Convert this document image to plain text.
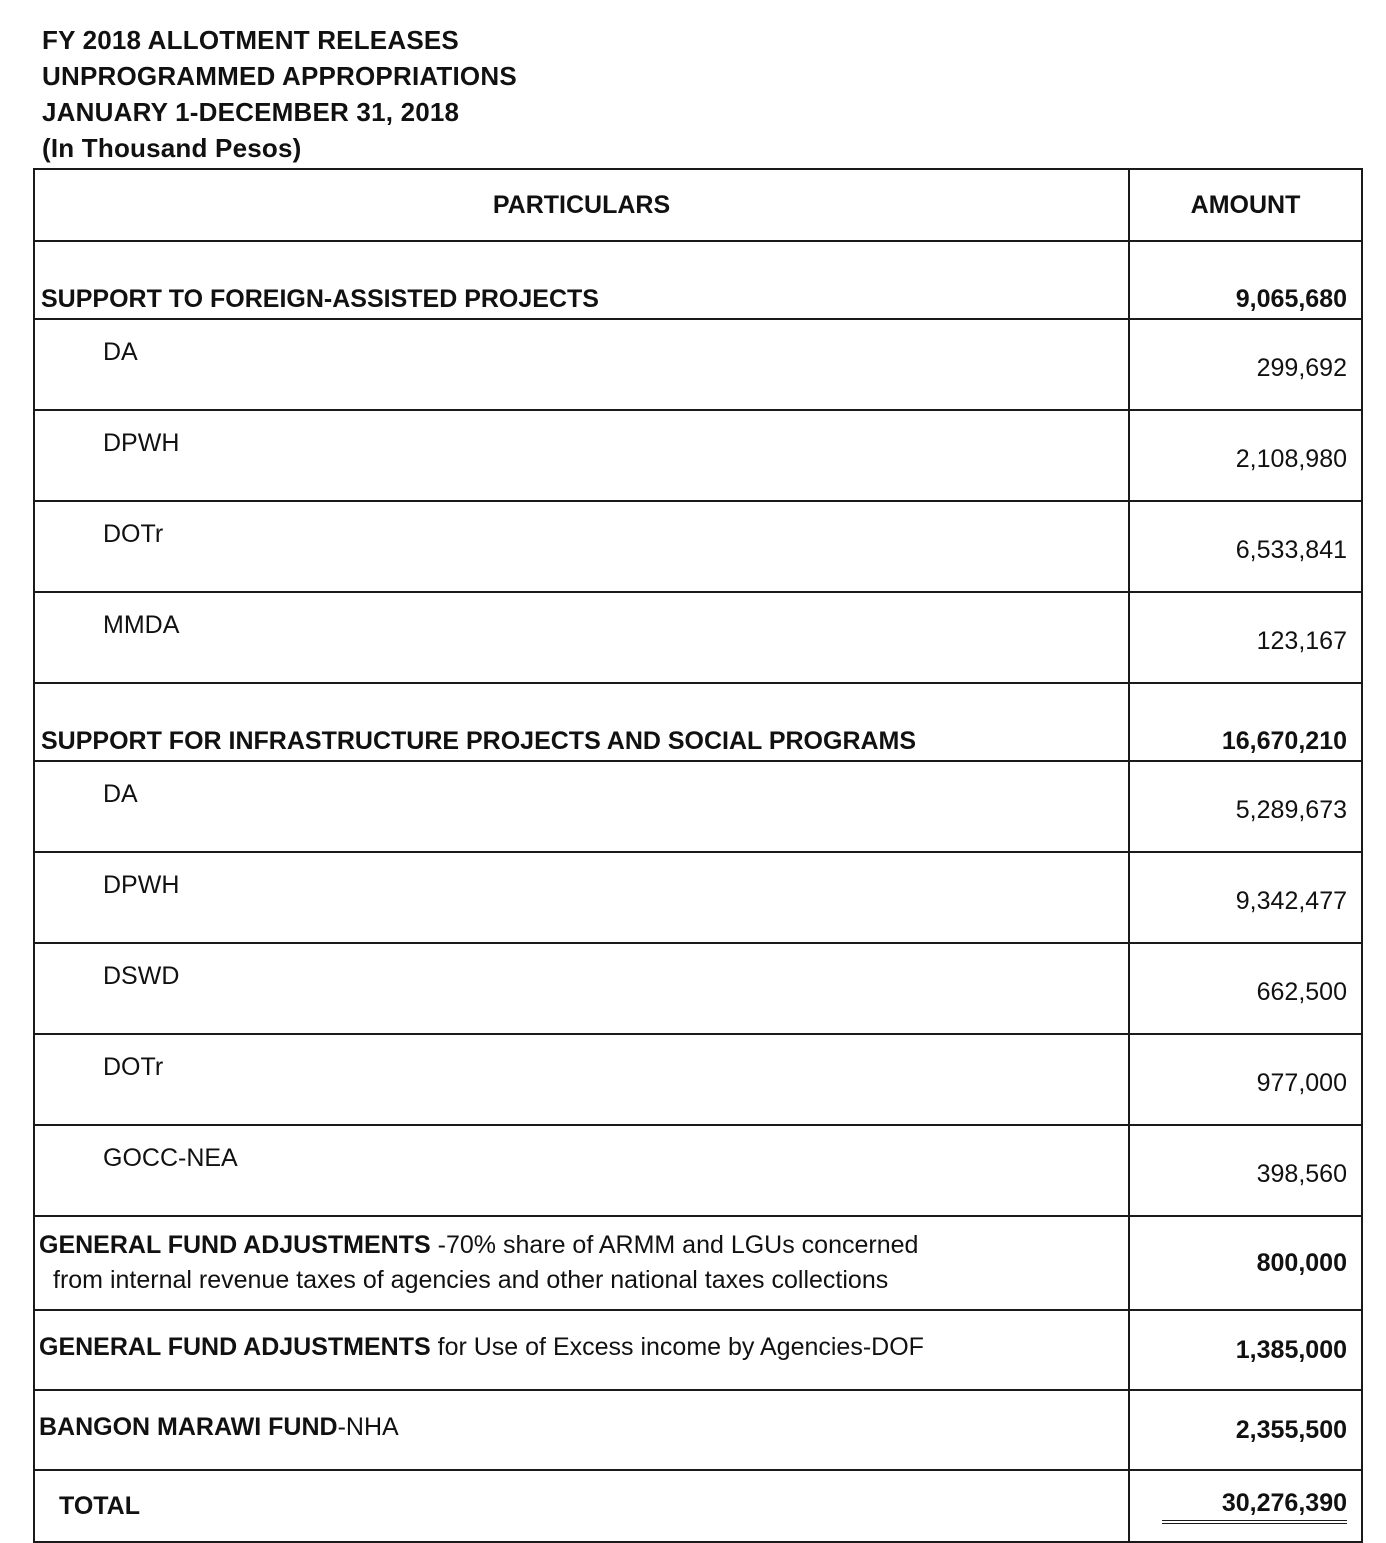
FY 2018 ALLOTMENT RELEASES
UNPROGRAMMED APPROPRIATIONS
JANUARY 1-DECEMBER 31, 2018
(In Thousand Pesos)
PARTICULARS	AMOUNT
SUPPORT TO FOREIGN-ASSISTED PROJECTS	9,065,680
DA	299,692
DPWH	2,108,980
DOTr	6,533,841
MMDA	123,167
SUPPORT FOR INFRASTRUCTURE PROJECTS AND SOCIAL PROGRAMS	16,670,210
DA	5,289,673
DPWH	9,342,477
DSWD	662,500
DOTr	977,000
GOCC-NEA	398,560
GENERAL FUND ADJUSTMENTS -70% share of ARMM and LGUs concerned
from internal revenue taxes of agencies and other national taxes collections	800,000
GENERAL FUND ADJUSTMENTS for Use of Excess income by Agencies-DOF	1,385,000
BANGON MARAWI FUND-NHA	2,355,500
TOTAL	30,276,390
